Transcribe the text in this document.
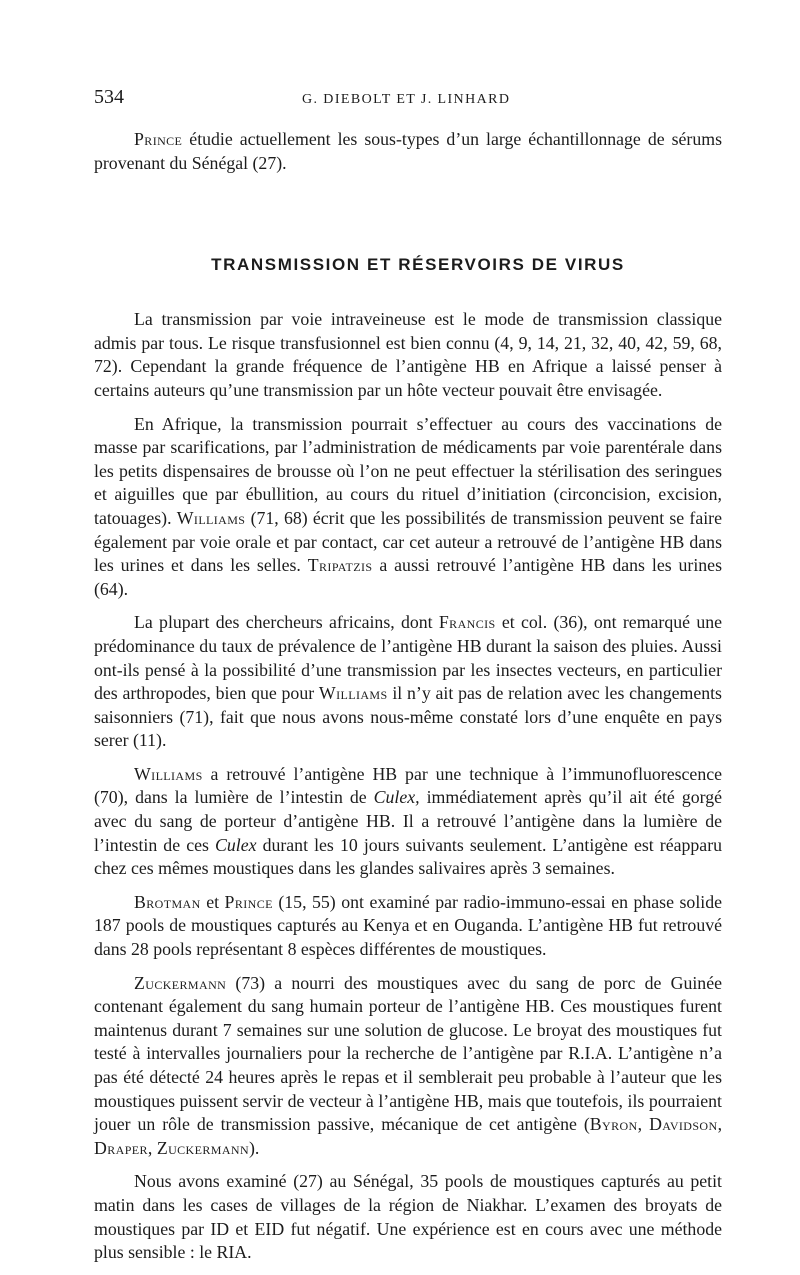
534	G. DIEBOLT ET J. LINHARD

Prince étudie actuellement les sous-types d’un large échantillonnage de sérums provenant du Sénégal (27).

TRANSMISSION ET RÉSERVOIRS DE VIRUS

La transmission par voie intraveineuse est le mode de transmission classique admis par tous. Le risque transfusionnel est bien connu (4, 9, 14, 21, 32, 40, 42, 59, 68, 72). Cependant la grande fréquence de l’antigène HB en Afrique a laissé penser à certains auteurs qu’une transmission par un hôte vecteur pouvait être envisagée.

En Afrique, la transmission pourrait s’effectuer au cours des vaccinations de masse par scarifications, par l’administration de médicaments par voie parentérale dans les petits dispensaires de brousse où l’on ne peut effectuer la stérilisation des seringues et aiguilles que par ébullition, au cours du rituel d’initiation (circoncision, excision, tatouages). Williams (71, 68) écrit que les possibilités de transmission peuvent se faire également par voie orale et par contact, car cet auteur a retrouvé de l’antigène HB dans les urines et dans les selles. Tripatzis a aussi retrouvé l’antigène HB dans les urines (64).

La plupart des chercheurs africains, dont Francis et col. (36), ont remarqué une prédominance du taux de prévalence de l’antigène HB durant la saison des pluies. Aussi ont-ils pensé à la possibilité d’une transmission par les insectes vecteurs, en particulier des arthropodes, bien que pour Williams il n’y ait pas de relation avec les changements saisonniers (71), fait que nous avons nous-même constaté lors d’une enquête en pays serer (11).

Williams a retrouvé l’antigène HB par une technique à l’immunofluorescence (70), dans la lumière de l’intestin de Culex, immédiatement après qu’il ait été gorgé avec du sang de porteur d’antigène HB. Il a retrouvé l’antigène dans la lumière de l’intestin de ces Culex durant les 10 jours suivants seulement. L’antigène est réapparu chez ces mêmes moustiques dans les glandes salivaires après 3 semaines.

Brotman et Prince (15, 55) ont examiné par radio-immuno-essai en phase solide 187 pools de moustiques capturés au Kenya et en Ouganda. L’antigène HB fut retrouvé dans 28 pools représentant 8 espèces différentes de moustiques.

Zuckermann (73) a nourri des moustiques avec du sang de porc de Guinée contenant également du sang humain porteur de l’antigène HB. Ces moustiques furent maintenus durant 7 semaines sur une solution de glucose. Le broyat des moustiques fut testé à intervalles journaliers pour la recherche de l’antigène par R.I.A. L’antigène n’a pas été détecté 24 heures après le repas et il semblerait peu probable à l’auteur que les moustiques puissent servir de vecteur à l’antigène HB, mais que toutefois, ils pourraient jouer un rôle de transmission passive, mécanique de cet antigène (Byron, Davidson, Draper, Zuckermann).

Nous avons examiné (27) au Sénégal, 35 pools de moustiques capturés au petit matin dans les cases de villages de la région de Niakhar. L’examen des broyats de moustiques par ID et EID fut négatif. Une expérience est en cours avec une méthode plus sensible : le RIA.
